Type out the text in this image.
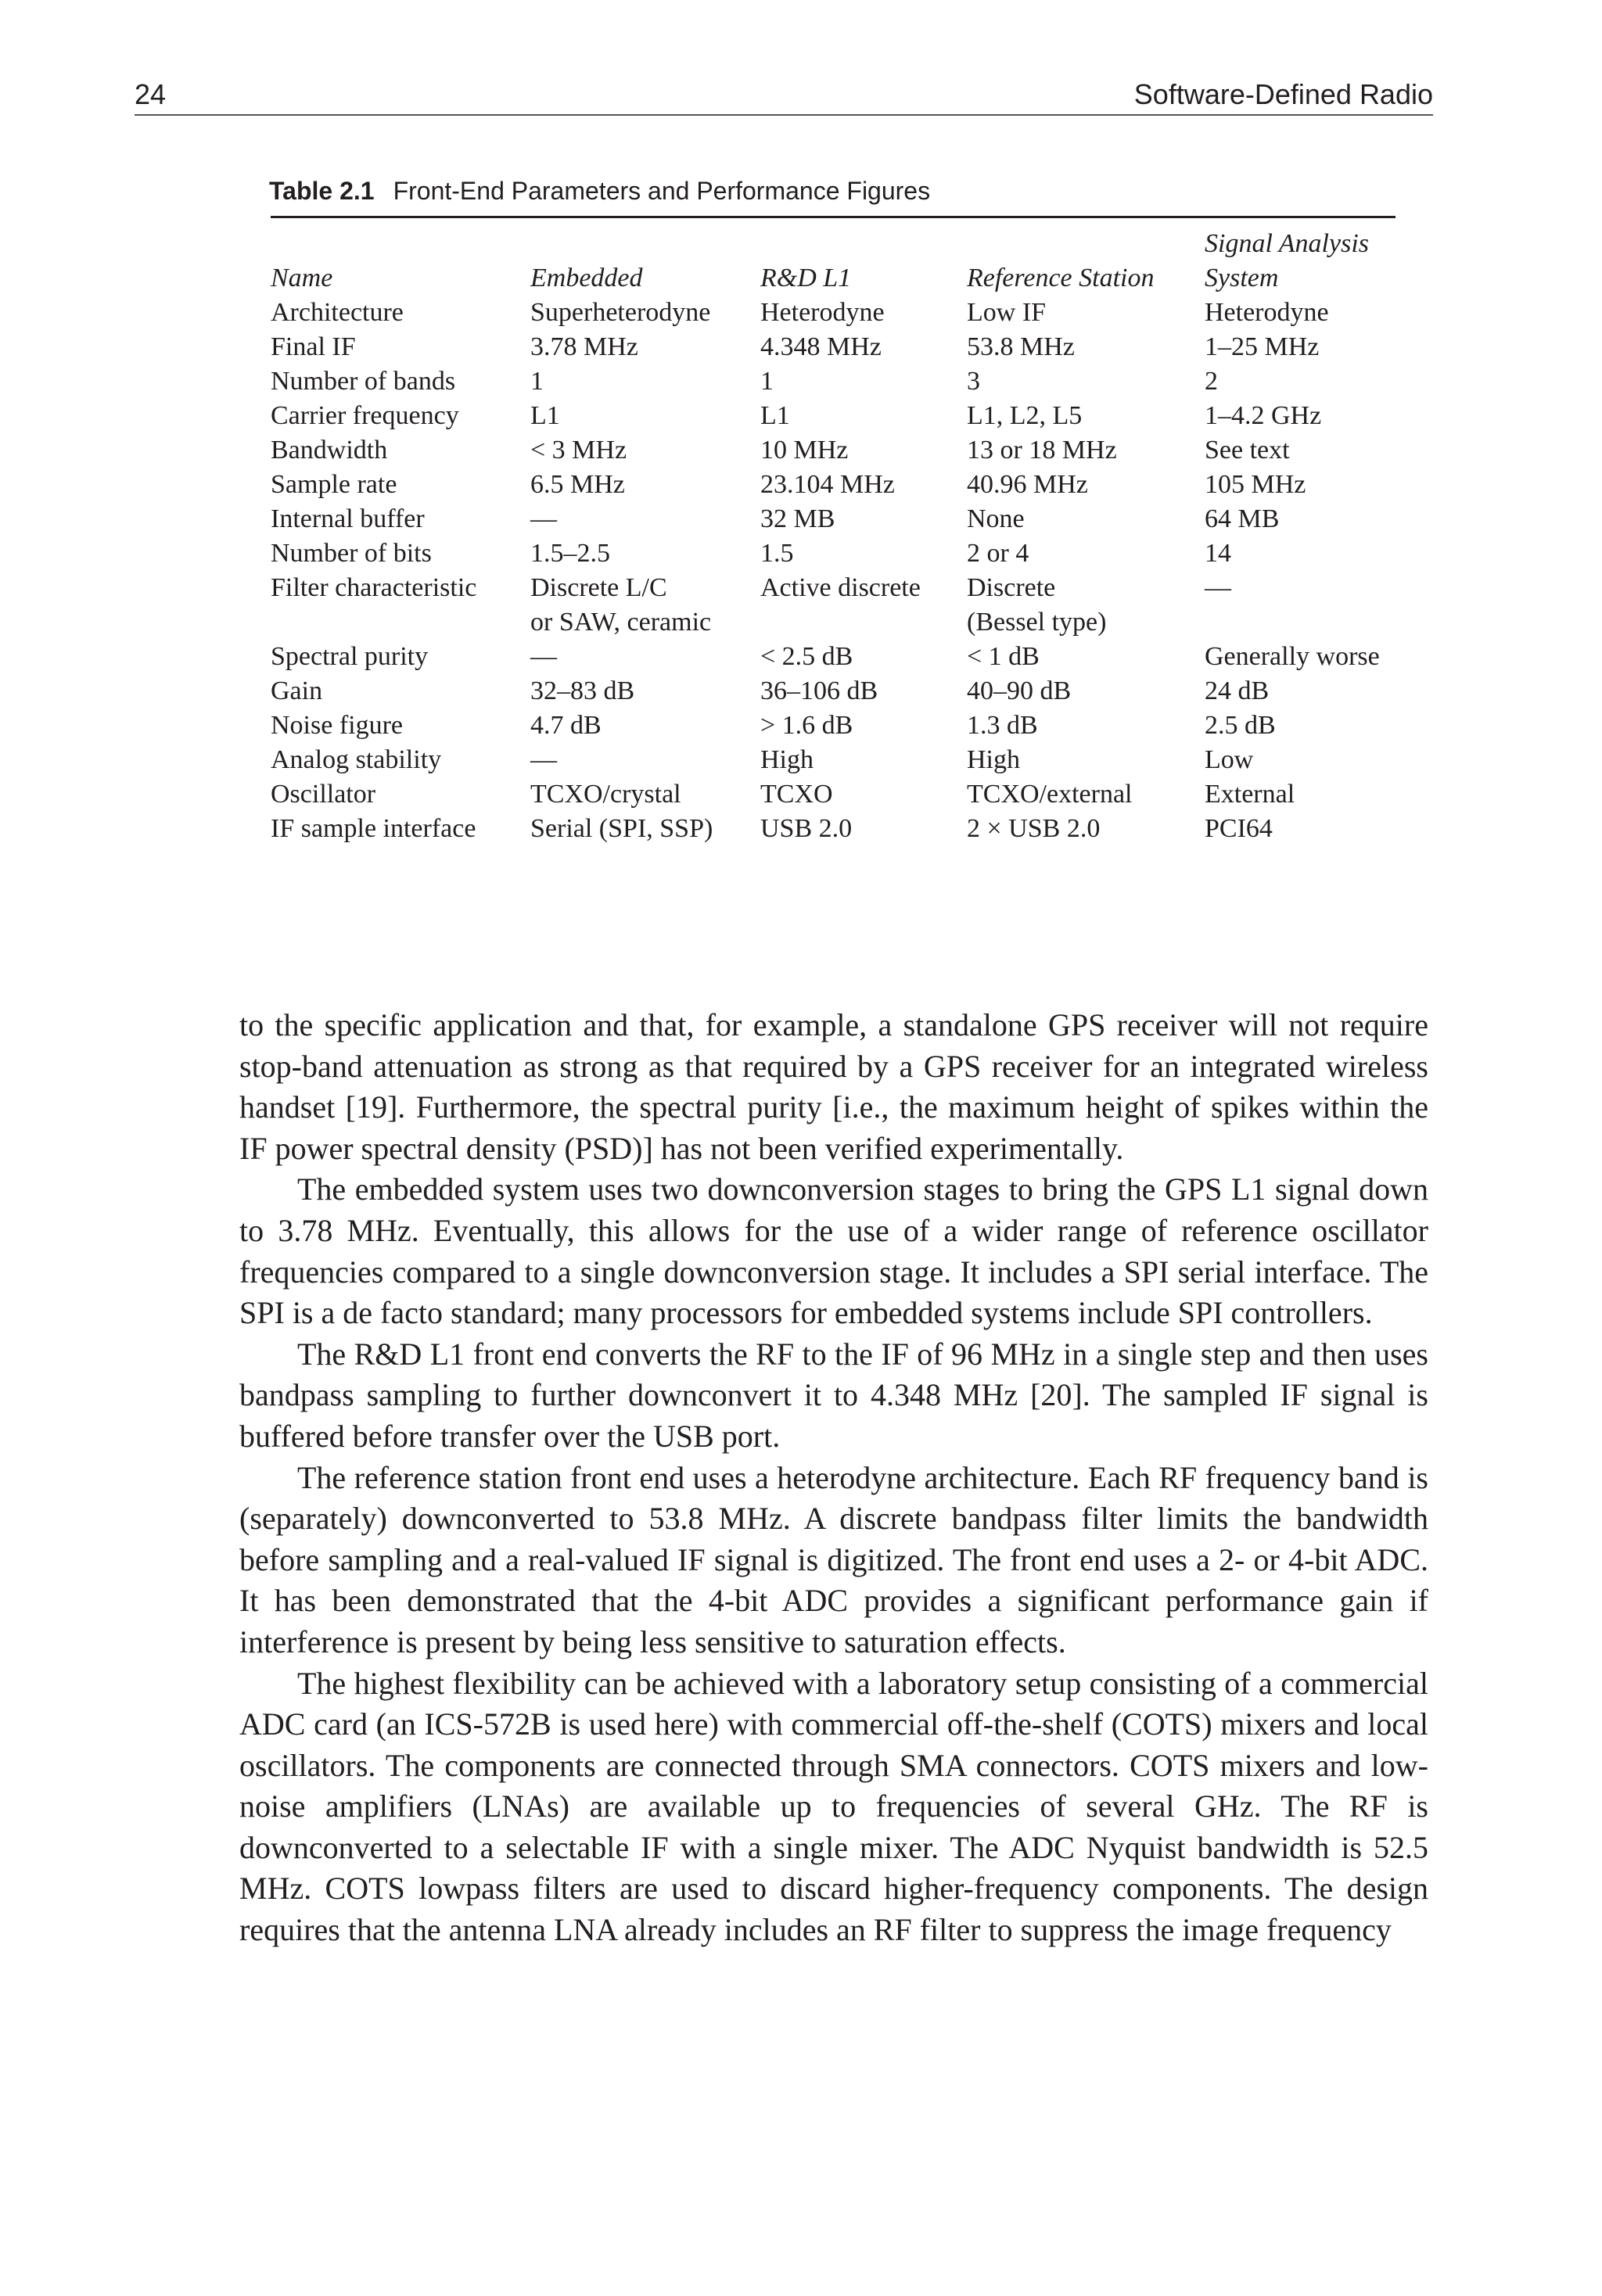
24	Software-Defined Radio
Table 2.1 Front-End Parameters and Performance Figures
Name	Embedded	R&D L1	Reference Station	Signal Analysis
System
Architecture	Superheterodyne	Heterodyne	Low IF	Heterodyne
Final IF	3.78 MHz	4.348 MHz	53.8 MHz	1–25 MHz
Number of bands	1	1	3	2
Carrier frequency	L1	L1	L1, L2, L5	1–4.2 GHz
Bandwidth	< 3 MHz	10 MHz	13 or 18 MHz	See text
Sample rate	6.5 MHz	23.104 MHz	40.96 MHz	105 MHz
Internal buffer	—	32 MB	None	64 MB
Number of bits	1.5–2.5	1.5	2 or 4	14
Filter characteristic	Discrete L/C	Active discrete	Discrete	—
	or SAW, ceramic		(Bessel type)	
Spectral purity	—	< 2.5 dB	< 1 dB	Generally worse
Gain	32–83 dB	36–106 dB	40–90 dB	24 dB
Noise figure	4.7 dB	> 1.6 dB	1.3 dB	2.5 dB
Analog stability	—	High	High	Low
Oscillator	TCXO/crystal	TCXO	TCXO/external	External
IF sample interface	Serial (SPI, SSP)	USB 2.0	2 × USB 2.0	PCI64

to the specific application and that, for example, a standalone GPS receiver will not require stop-band attenuation as strong as that required by a GPS receiver for an integrated wireless handset [19]. Furthermore, the spectral purity [i.e., the maximum height of spikes within the IF power spectral density (PSD)] has not been verified experimentally.

The embedded system uses two downconversion stages to bring the GPS L1 signal down to 3.78 MHz. Eventually, this allows for the use of a wider range of reference oscillator frequencies compared to a single downconversion stage. It includes a SPI serial interface. The SPI is a de facto standard; many processors for embedded systems include SPI controllers.

The R&D L1 front end converts the RF to the IF of 96 MHz in a single step and then uses bandpass sampling to further downconvert it to 4.348 MHz [20]. The sampled IF signal is buffered before transfer over the USB port.

The reference station front end uses a heterodyne architecture. Each RF frequency band is (separately) downconverted to 53.8 MHz. A discrete bandpass filter limits the bandwidth before sampling and a real-valued IF signal is digitized. The front end uses a 2- or 4-bit ADC. It has been demonstrated that the 4-bit ADC provides a significant performance gain if interference is present by being less sensitive to saturation effects.

The highest flexibility can be achieved with a laboratory setup consisting of a commercial ADC card (an ICS-572B is used here) with commercial off-the-shelf (COTS) mixers and local oscillators. The components are connected through SMA connectors. COTS mixers and low-noise amplifiers (LNAs) are available up to frequencies of several GHz. The RF is downconverted to a selectable IF with a single mixer. The ADC Nyquist bandwidth is 52.5 MHz. COTS lowpass filters are used to discard higher-frequency components. The design requires that the antenna LNA already includes an RF filter to suppress the image frequency
